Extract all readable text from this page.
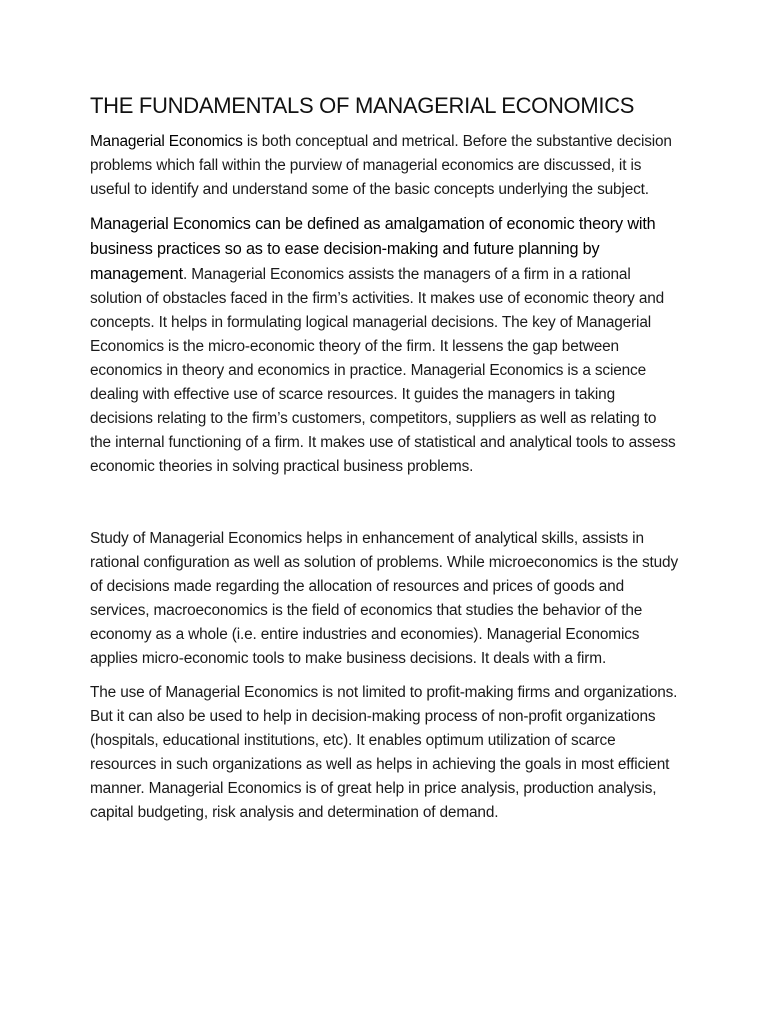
THE FUNDAMENTALS OF MANAGERIAL ECONOMICS

Managerial Economics is both conceptual and metrical. Before the substantive decision problems which fall within the purview of managerial economics are discussed, it is useful to identify and understand some of the basic concepts underlying the subject.

Managerial Economics can be defined as amalgamation of economic theory with business practices so as to ease decision-making and future planning by management. Managerial Economics assists the managers of a firm in a rational solution of obstacles faced in the firm’s activities. It makes use of economic theory and concepts. It helps in formulating logical managerial decisions. The key of Managerial Economics is the micro-economic theory of the firm. It lessens the gap between economics in theory and economics in practice. Managerial Economics is a science dealing with effective use of scarce resources. It guides the managers in taking decisions relating to the firm’s customers, competitors, suppliers as well as relating to the internal functioning of a firm. It makes use of statistical and analytical tools to assess economic theories in solving practical business problems.

Study of Managerial Economics helps in enhancement of analytical skills, assists in rational configuration as well as solution of problems. While microeconomics is the study of decisions made regarding the allocation of resources and prices of goods and services, macroeconomics is the field of economics that studies the behavior of the economy as a whole (i.e. entire industries and economies). Managerial Economics applies micro-economic tools to make business decisions. It deals with a firm.

The use of Managerial Economics is not limited to profit-making firms and organizations. But it can also be used to help in decision-making process of non-profit organizations (hospitals, educational institutions, etc). It enables optimum utilization of scarce resources in such organizations as well as helps in achieving the goals in most efficient manner. Managerial Economics is of great help in price analysis, production analysis, capital budgeting, risk analysis and determination of demand.
